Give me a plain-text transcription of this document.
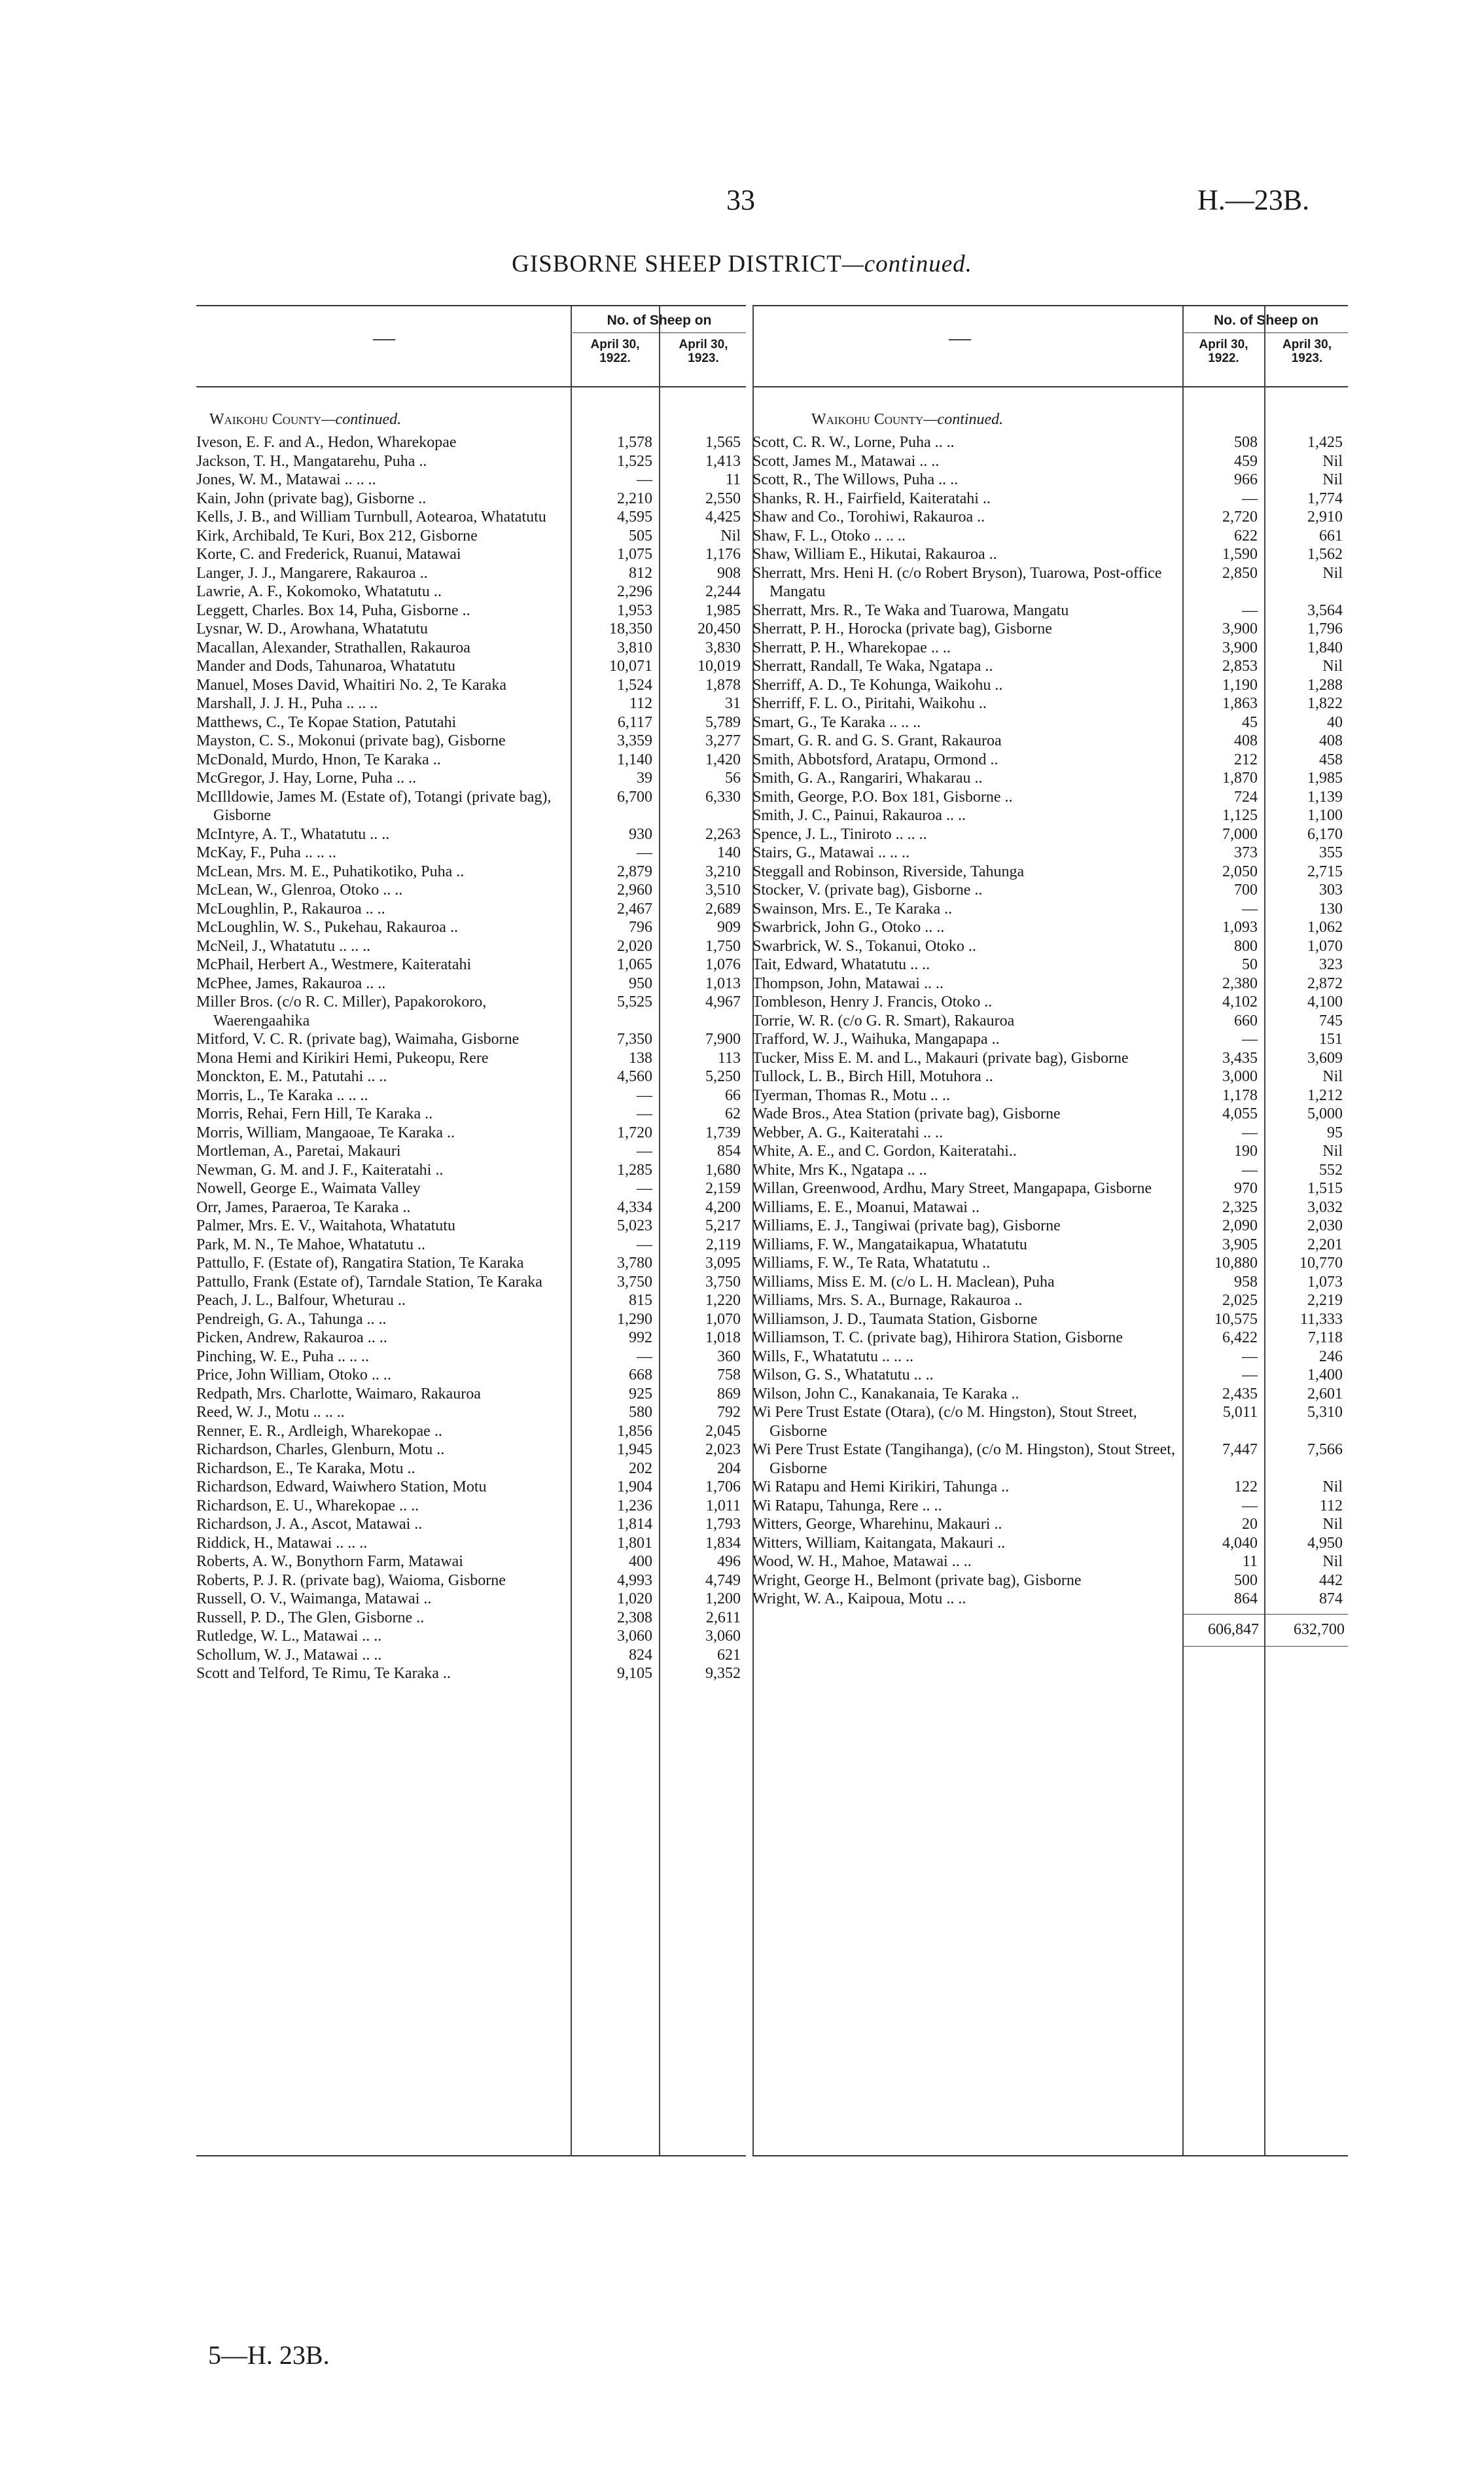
33	H.—23B.
GISBORNE SHEEP DISTRICT—continued.
—
No. of Sheep on
April 30,
1922.
April 30,
1923.
Waikohu County—continued.
Iveson, E. F. and A., Hedon, Wharekopae	1,578	1,565
Jackson, T. H., Mangatarehu, Puha ..	1,525	1,413
Jones, W. M., Matawai .. .. ..	—	11
Kain, John (private bag), Gisborne ..	2,210	2,550
Kells, J. B., and William Turnbull, Aotearoa, Whatatutu	4,595	4,425
Kirk, Archibald, Te Kuri, Box 212, Gisborne	505	Nil
Korte, C. and Frederick, Ruanui, Matawai	1,075	1,176
Langer, J. J., Mangarere, Rakauroa ..	812	908
Lawrie, A. F., Kokomoko, Whatatutu ..	2,296	2,244
Leggett, Charles. Box 14, Puha, Gisborne ..	1,953	1,985
Lysnar, W. D., Arowhana, Whatatutu	18,350	20,450
Macallan, Alexander, Strathallen, Rakauroa	3,810	3,830
Mander and Dods, Tahunaroa, Whatatutu	10,071	10,019
Manuel, Moses David, Whaitiri No. 2, Te Karaka	1,524	1,878
Marshall, J. J. H., Puha .. .. ..	112	31
Matthews, C., Te Kopae Station, Patutahi	6,117	5,789
Mayston, C. S., Mokonui (private bag), Gisborne	3,359	3,277
McDonald, Murdo, Hnon, Te Karaka ..	1,140	1,420
McGregor, J. Hay, Lorne, Puha .. ..	39	56
McIlldowie, James M. (Estate of), Totangi (private bag), Gisborne
6,700	6,330
McIntyre, A. T., Whatatutu .. ..	930	2,263
McKay, F., Puha .. .. ..	—	140
McLean, Mrs. M. E., Puhatikotiko, Puha ..	2,879	3,210
McLean, W., Glenroa, Otoko .. ..	2,960	3,510
McLoughlin, P., Rakauroa .. ..	2,467	2,689
McLoughlin, W. S., Pukehau, Rakauroa ..	796	909
McNeil, J., Whatatutu .. .. ..	2,020	1,750
McPhail, Herbert A., Westmere, Kaiteratahi	1,065	1,076
McPhee, James, Rakauroa .. ..	950	1,013
Miller Bros. (c/o R. C. Miller), Papakorokoro, Waerengaahika
5,525	4,967
Mitford, V. C. R. (private bag), Waimaha, Gisborne	7,350	7,900
Mona Hemi and Kirikiri Hemi, Pukeopu, Rere	138	113
Monckton, E. M., Patutahi .. ..	4,560	5,250
Morris, L., Te Karaka .. .. ..	—	66
Morris, Rehai, Fern Hill, Te Karaka ..	—	62
Morris, William, Mangaoae, Te Karaka ..	1,720	1,739
Mortleman, A., Paretai, Makauri	—	854
Newman, G. M. and J. F., Kaiteratahi ..	1,285	1,680
Nowell, George E., Waimata Valley	—	2,159
Orr, James, Paraeroa, Te Karaka ..	4,334	4,200
Palmer, Mrs. E. V., Waitahota, Whatatutu	5,023	5,217
Park, M. N., Te Mahoe, Whatatutu ..	—	2,119
Pattullo, F. (Estate of), Rangatira Station, Te Karaka	3,780	3,095
Pattullo, Frank (Estate of), Tarndale Station, Te Karaka	3,750	3,750
Peach, J. L., Balfour, Wheturau ..	815	1,220
Pendreigh, G. A., Tahunga .. ..	1,290	1,070
Picken, Andrew, Rakauroa .. ..	992	1,018
Pinching, W. E., Puha .. .. ..	—	360
Price, John William, Otoko .. ..	668	758
Redpath, Mrs. Charlotte, Waimaro, Rakauroa	925	869
Reed, W. J., Motu .. .. ..	580	792
Renner, E. R., Ardleigh, Wharekopae ..	1,856	2,045
Richardson, Charles, Glenburn, Motu ..	1,945	2,023
Richardson, E., Te Karaka, Motu ..	202	204
Richardson, Edward, Waiwhero Station, Motu	1,904	1,706
Richardson, E. U., Wharekopae .. ..	1,236	1,011
Richardson, J. A., Ascot, Matawai ..	1,814	1,793
Riddick, H., Matawai .. .. ..	1,801	1,834
Roberts, A. W., Bonythorn Farm, Matawai	400	496
Roberts, P. J. R. (private bag), Waioma, Gisborne	4,993	4,749
Russell, O. V., Waimanga, Matawai ..	1,020	1,200
Russell, P. D., The Glen, Gisborne ..	2,308	2,611
Rutledge, W. L., Matawai .. ..	3,060	3,060
Schollum, W. J., Matawai .. ..	824	621
Scott and Telford, Te Rimu, Te Karaka ..	9,105	9,352
—
No. of Sheep on
April 30,
1922.
April 30,
1923.
Waikohu County—continued.
Scott, C. R. W., Lorne, Puha .. ..	508	1,425
Scott, James M., Matawai .. ..	459	Nil
Scott, R., The Willows, Puha .. ..	966	Nil
Shanks, R. H., Fairfield, Kaiteratahi ..	—	1,774
Shaw and Co., Torohiwi, Rakauroa ..	2,720	2,910
Shaw, F. L., Otoko .. .. ..	622	661
Shaw, William E., Hikutai, Rakauroa ..	1,590	1,562
Sherratt, Mrs. Heni H. (c/o Robert Bryson), Tuarowa, Post-office Mangatu
2,850	Nil
Sherratt, Mrs. R., Te Waka and Tuarowa, Mangatu	—	3,564
Sherratt, P. H., Horocka (private bag), Gisborne	3,900	1,796
Sherratt, P. H., Wharekopae .. ..	3,900	1,840
Sherratt, Randall, Te Waka, Ngatapa ..	2,853	Nil
Sherriff, A. D., Te Kohunga, Waikohu ..	1,190	1,288
Sherriff, F. L. O., Piritahi, Waikohu ..	1,863	1,822
Smart, G., Te Karaka .. .. ..	45	40
Smart, G. R. and G. S. Grant, Rakauroa	408	408
Smith, Abbotsford, Aratapu, Ormond ..	212	458
Smith, G. A., Rangariri, Whakarau ..	1,870	1,985
Smith, George, P.O. Box 181, Gisborne ..	724	1,139
Smith, J. C., Painui, Rakauroa .. ..	1,125	1,100
Spence, J. L., Tiniroto .. .. ..	7,000	6,170
Stairs, G., Matawai .. .. ..	373	355
Steggall and Robinson, Riverside, Tahunga	2,050	2,715
Stocker, V. (private bag), Gisborne ..	700	303
Swainson, Mrs. E., Te Karaka ..	—	130
Swarbrick, John G., Otoko .. ..	1,093	1,062
Swarbrick, W. S., Tokanui, Otoko ..	800	1,070
Tait, Edward, Whatatutu .. ..	50	323
Thompson, John, Matawai .. ..	2,380	2,872
Tombleson, Henry J. Francis, Otoko ..	4,102	4,100
Torrie, W. R. (c/o G. R. Smart), Rakauroa	660	745
Trafford, W. J., Waihuka, Mangapapa ..	—	151
Tucker, Miss E. M. and L., Makauri (private bag), Gisborne	3,435	3,609
Tullock, L. B., Birch Hill, Motuhora ..	3,000	Nil
Tyerman, Thomas R., Motu .. ..	1,178	1,212
Wade Bros., Atea Station (private bag), Gisborne	4,055	5,000
Webber, A. G., Kaiteratahi .. ..	—	95
White, A. E., and C. Gordon, Kaiteratahi..	190	Nil
White, Mrs K., Ngatapa .. ..	—	552
Willan, Greenwood, Ardhu, Mary Street, Mangapapa, Gisborne	970	1,515
Williams, E. E., Moanui, Matawai ..	2,325	3,032
Williams, E. J., Tangiwai (private bag), Gisborne	2,090	2,030
Williams, F. W., Mangataikapua, Whatatutu	3,905	2,201
Williams, F. W., Te Rata, Whatatutu ..	10,880	10,770
Williams, Miss E. M. (c/o L. H. Maclean), Puha	958	1,073
Williams, Mrs. S. A., Burnage, Rakauroa ..	2,025	2,219
Williamson, J. D., Taumata Station, Gisborne	10,575	11,333
Williamson, T. C. (private bag), Hihirora Station, Gisborne	6,422	7,118
Wills, F., Whatatutu .. .. ..	—	246
Wilson, G. S., Whatatutu .. ..	—	1,400
Wilson, John C., Kanakanaia, Te Karaka ..	2,435	2,601
Wi Pere Trust Estate (Otara), (c/o M. Hingston), Stout Street, Gisborne
5,011	5,310
Wi Pere Trust Estate (Tangihanga), (c/o M. Hingston), Stout Street, Gisborne
7,447	7,566
Wi Ratapu and Hemi Kirikiri, Tahunga ..	122	Nil
Wi Ratapu, Tahunga, Rere .. ..	—	112
Witters, George, Wharehinu, Makauri ..	20	Nil
Witters, William, Kaitangata, Makauri ..	4,040	4,950
Wood, W. H., Mahoe, Matawai .. ..	11	Nil
Wright, George H., Belmont (private bag), Gisborne	500	442
Wright, W. A., Kaipoua, Motu .. ..	864	874
606,847	632,700
5—H. 23B.
